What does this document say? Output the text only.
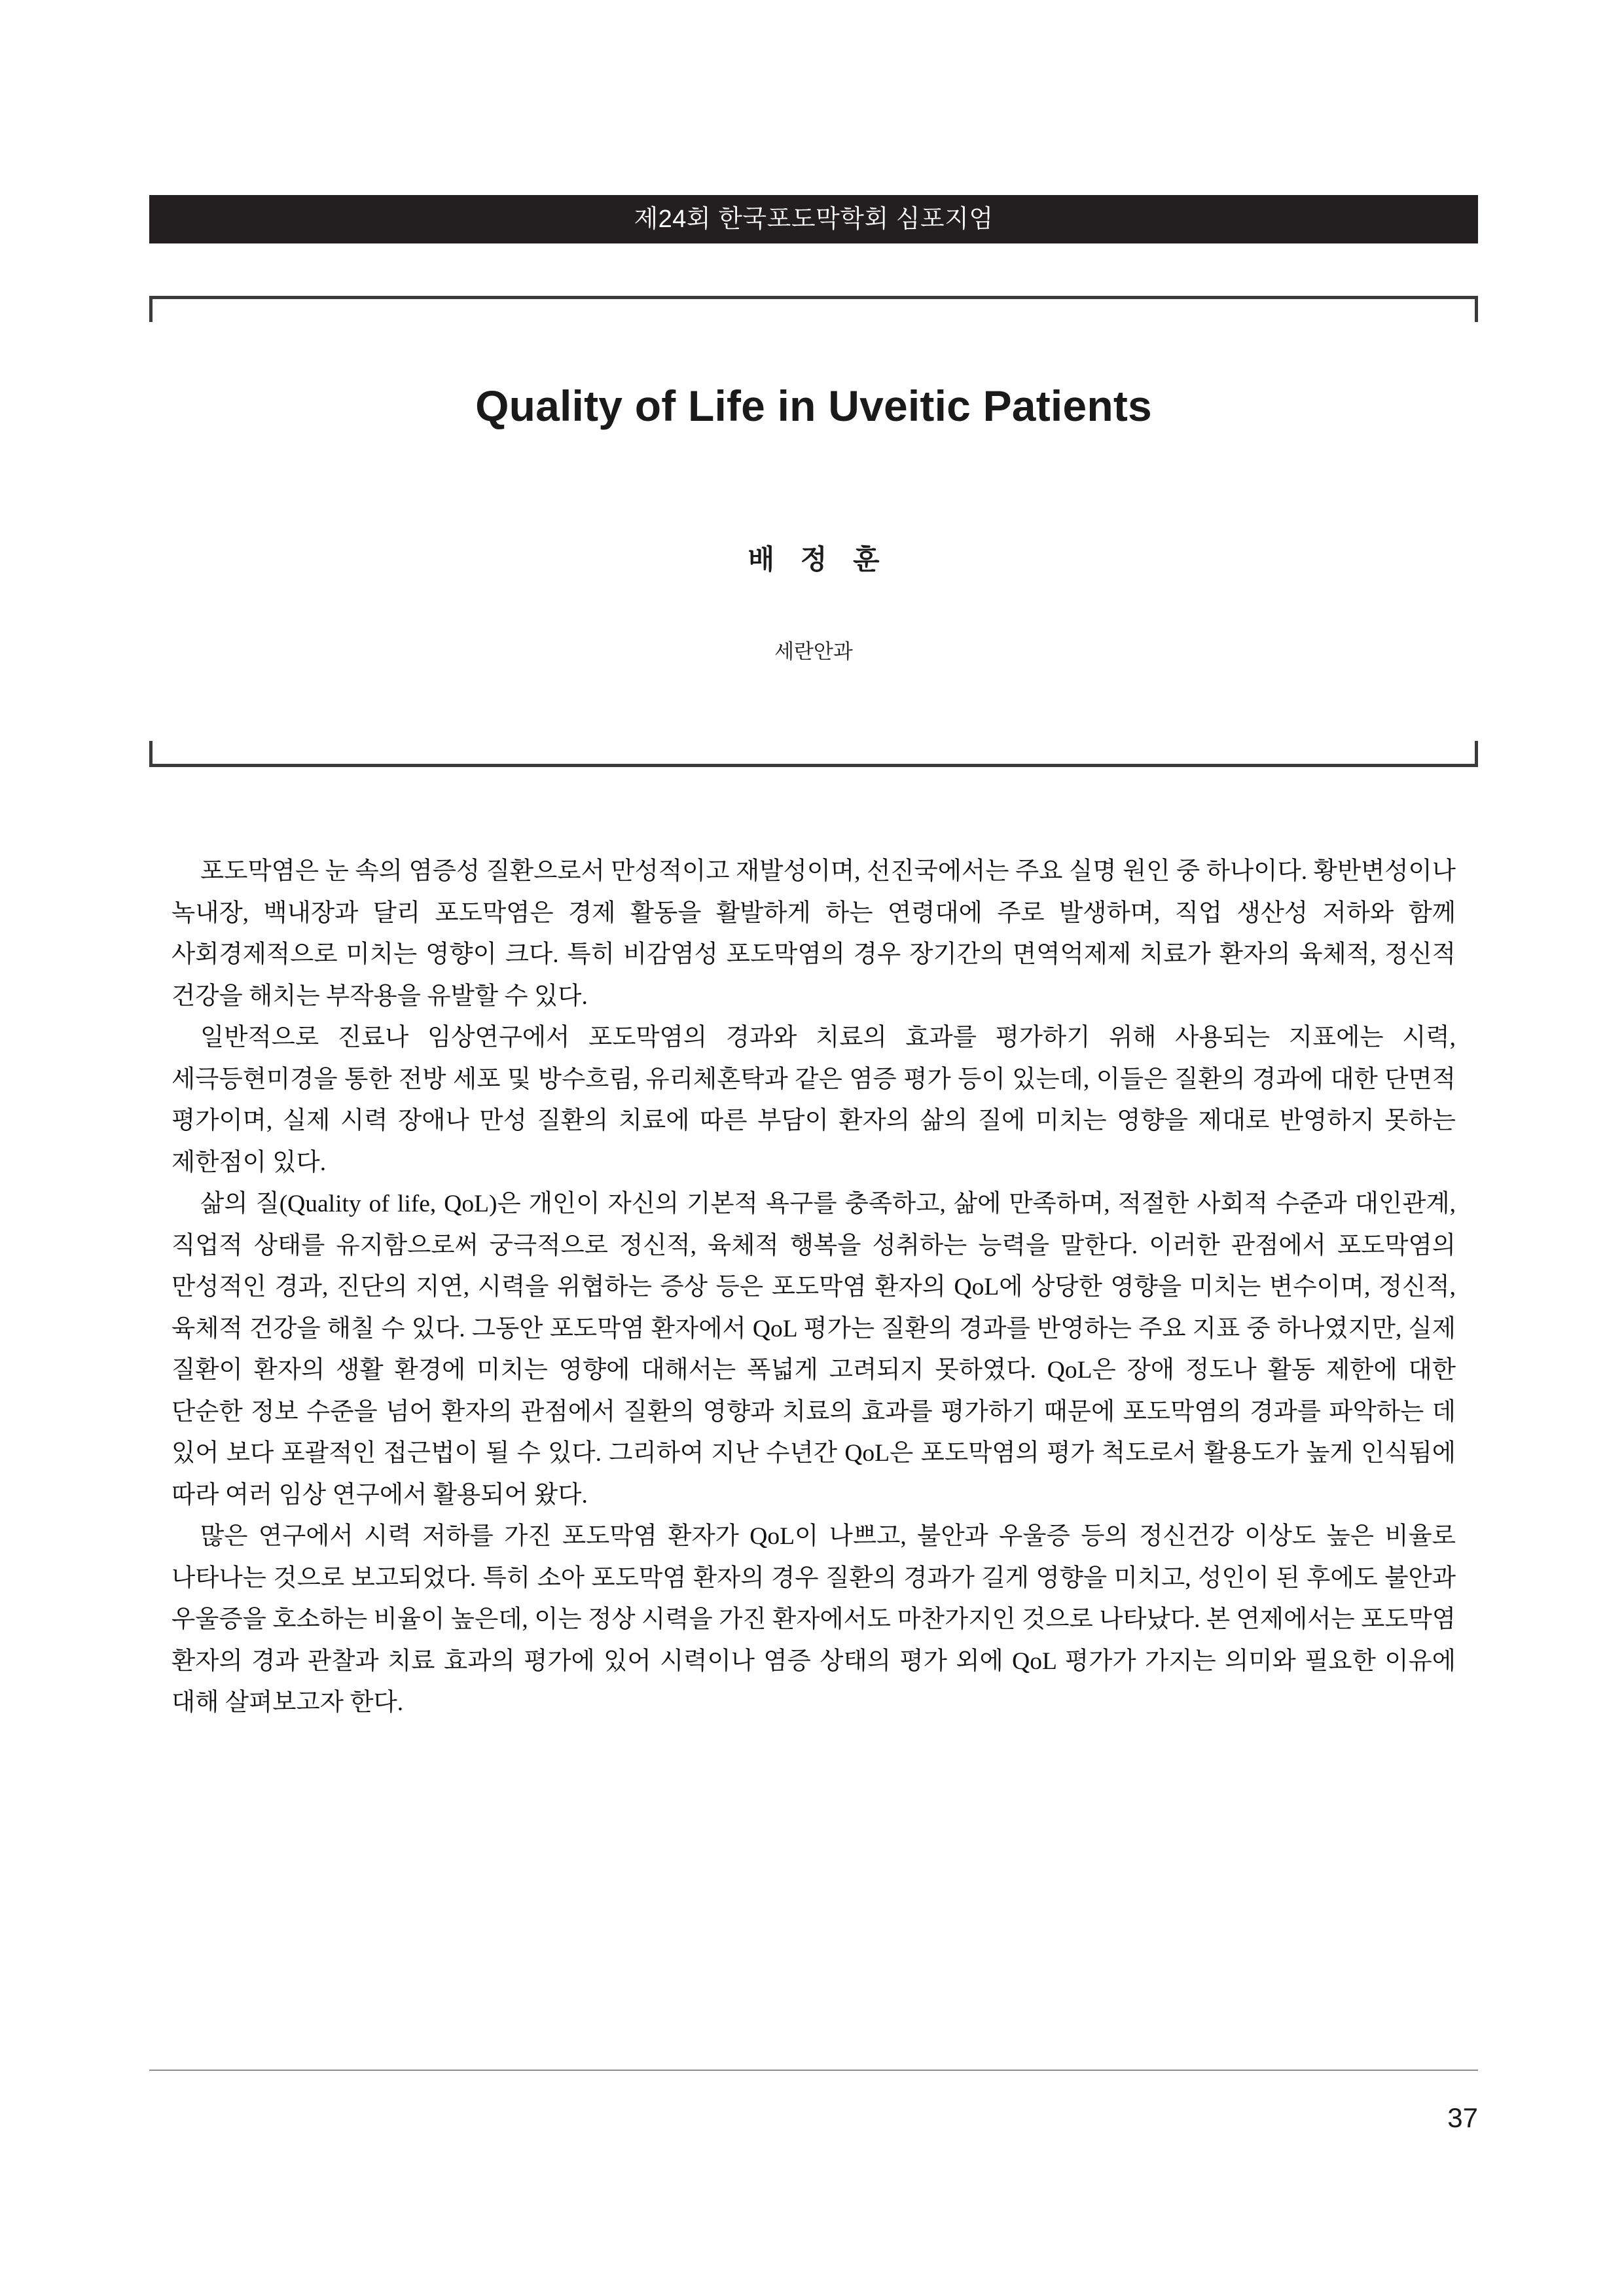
제24회 한국포도막학회 심포지엄
Quality of Life in Uveitic Patients
배 정 훈
세란안과

포도막염은 눈 속의 염증성 질환으로서 만성적이고 재발성이며, 선진국에서는 주요 실명 원인 중 하나이다. 황반변성이나 녹내장, 백내장과 달리 포도막염은 경제 활동을 활발하게 하는 연령대에 주로 발생하며, 직업 생산성 저하와 함께 사회경제적으로 미치는 영향이 크다. 특히 비감염성 포도막염의 경우 장기간의 면역억제제 치료가 환자의 육체적, 정신적 건강을 해치는 부작용을 유발할 수 있다.

일반적으로 진료나 임상연구에서 포도막염의 경과와 치료의 효과를 평가하기 위해 사용되는 지표에는 시력, 세극등현미경을 통한 전방 세포 및 방수흐림, 유리체혼탁과 같은 염증 평가 등이 있는데, 이들은 질환의 경과에 대한 단면적 평가이며, 실제 시력 장애나 만성 질환의 치료에 따른 부담이 환자의 삶의 질에 미치는 영향을 제대로 반영하지 못하는 제한점이 있다.

삶의 질(Quality of life, QoL)은 개인이 자신의 기본적 욕구를 충족하고, 삶에 만족하며, 적절한 사회적 수준과 대인관계, 직업적 상태를 유지함으로써 궁극적으로 정신적, 육체적 행복을 성취하는 능력을 말한다. 이러한 관점에서 포도막염의 만성적인 경과, 진단의 지연, 시력을 위협하는 증상 등은 포도막염 환자의 QoL에 상당한 영향을 미치는 변수이며, 정신적, 육체적 건강을 해칠 수 있다. 그동안 포도막염 환자에서 QoL 평가는 질환의 경과를 반영하는 주요 지표 중 하나였지만, 실제 질환이 환자의 생활 환경에 미치는 영향에 대해서는 폭넓게 고려되지 못하였다. QoL은 장애 정도나 활동 제한에 대한 단순한 정보 수준을 넘어 환자의 관점에서 질환의 영향과 치료의 효과를 평가하기 때문에 포도막염의 경과를 파악하는 데 있어 보다 포괄적인 접근법이 될 수 있다. 그리하여 지난 수년간 QoL은 포도막염의 평가 척도로서 활용도가 높게 인식됨에 따라 여러 임상 연구에서 활용되어 왔다.

많은 연구에서 시력 저하를 가진 포도막염 환자가 QoL이 나쁘고, 불안과 우울증 등의 정신건강 이상도 높은 비율로 나타나는 것으로 보고되었다. 특히 소아 포도막염 환자의 경우 질환의 경과가 길게 영향을 미치고, 성인이 된 후에도 불안과 우울증을 호소하는 비율이 높은데, 이는 정상 시력을 가진 환자에서도 마찬가지인 것으로 나타났다. 본 연제에서는 포도막염 환자의 경과 관찰과 치료 효과의 평가에 있어 시력이나 염증 상태의 평가 외에 QoL 평가가 가지는 의미와 필요한 이유에 대해 살펴보고자 한다.

37
